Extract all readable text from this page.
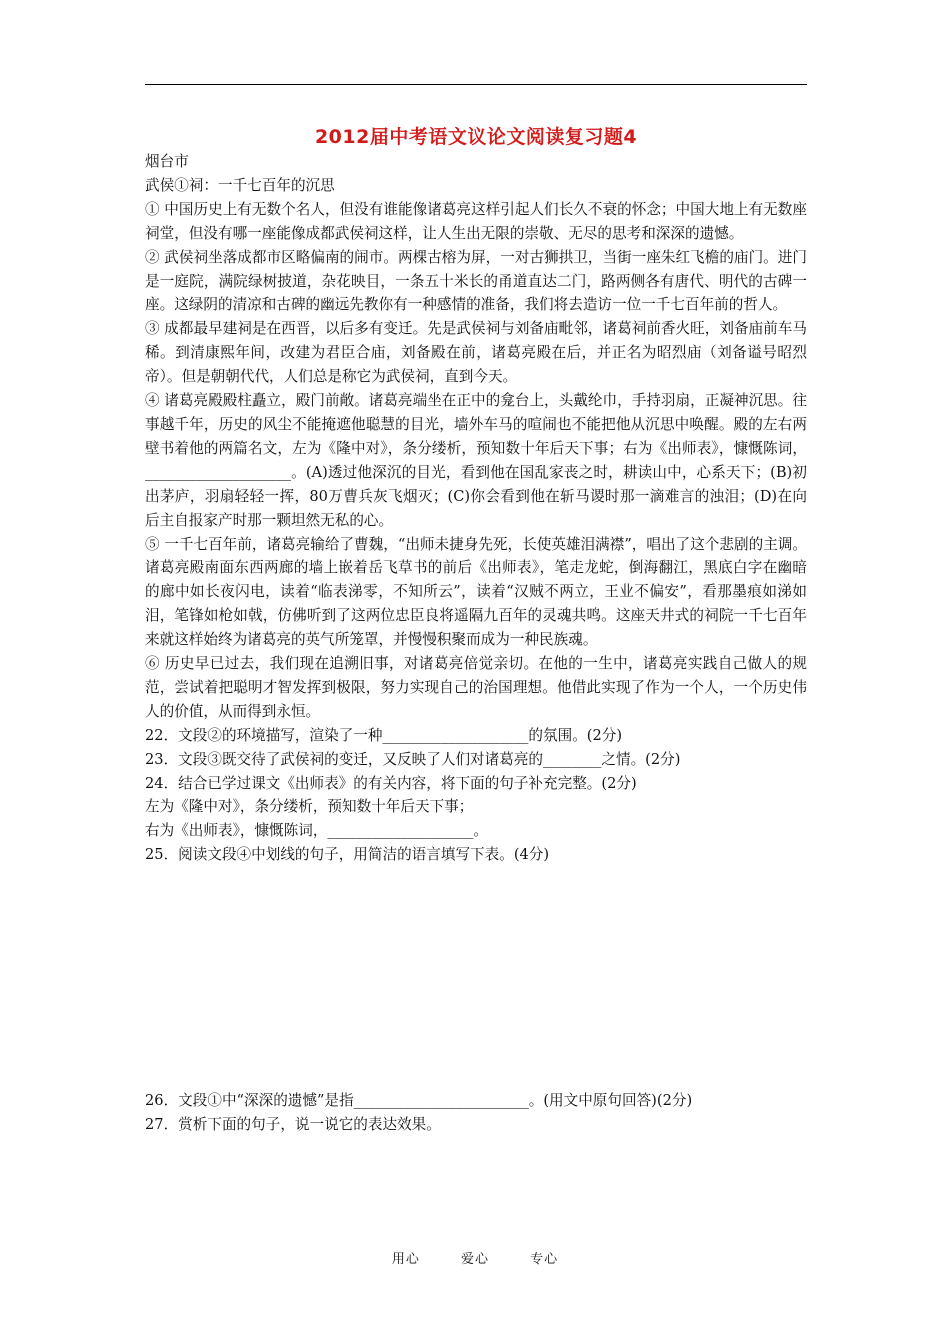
2012届中考语文议论文阅读复习题4

烟台市

武侯①祠：一千七百年的沉思

① 中国历史上有无数个名人，但没有谁能像诸葛亮这样引起人们长久不衰的怀念；中国大地上有无数座祠堂，但没有哪一座能像成都武侯祠这样，让人生出无限的崇敬、无尽的思考和深深的遗憾。

② 武侯祠坐落成都市区略偏南的闹市。两棵古榕为屏，一对古狮拱卫，当街一座朱红飞檐的庙门。进门是一庭院，满院绿树披道，杂花映目，一条五十米长的甬道直达二门，路两侧各有唐代、明代的古碑一座。这绿阴的清凉和古碑的幽远先教你有一种感情的准备，我们将去造访一位一千七百年前的哲人。

③ 成都最早建祠是在西晋，以后多有变迁。先是武侯祠与刘备庙毗邻，诸葛祠前香火旺，刘备庙前车马稀。到清康熙年间，改建为君臣合庙，刘备殿在前，诸葛亮殿在后，并正名为昭烈庙（刘备谥号昭烈帝）。但是朝朝代代，人们总是称它为武侯祠，直到今天。

④ 诸葛亮殿殿柱矗立，殿门前敞。诸葛亮端坐在正中的龛台上，头戴纶巾，手持羽扇，正凝神沉思。往事越千年，历史的风尘不能掩遮他聪慧的目光，墙外车马的喧闹也不能把他从沉思中唤醒。殿的左右两壁书着他的两篇名文，左为《隆中对》，条分缕析，预知数十年后天下事；右为《出师表》，慷慨陈词，____________________。(A)透过他深沉的目光，看到他在国乱家丧之时，耕读山中，心系天下；(B)初出茅庐，羽扇轻轻一挥，80万曹兵灰飞烟灭；(C)你会看到他在斩马谡时那一滴难言的浊泪；(D)在向后主自报家产时那一颗坦然无私的心。

⑤ 一千七百年前，诸葛亮输给了曹魏，“出师未捷身先死，长使英雄泪满襟”，唱出了这个悲剧的主调。诸葛亮殿南面东西两廊的墙上嵌着岳飞草书的前后《出师表》，笔走龙蛇，倒海翻江，黑底白字在幽暗的廊中如长夜闪电，读着“临表涕零，不知所云”，读着“汉贼不两立，王业不偏安”，看那墨痕如涕如泪，笔锋如枪如戟，仿佛听到了这两位忠臣良将遥隔九百年的灵魂共鸣。这座天井式的祠院一千七百年来就这样始终为诸葛亮的英气所笼罩，并慢慢积聚而成为一种民族魂。

⑥ 历史早已过去，我们现在追溯旧事，对诸葛亮倍觉亲切。在他的一生中，诸葛亮实践自己做人的规范，尝试着把聪明才智发挥到极限，努力实现自己的治国理想。他借此实现了作为一个人，一个历史伟人的价值，从而得到永恒。

22．文段②的环境描写，渲染了一种____________________的氛围。(2分)

23．文段③既交待了武侯祠的变迁，又反映了人们对诸葛亮的________之情。(2分)

24．结合已学过课文《出师表》的有关内容，将下面的句子补充完整。(2分)

左为《隆中对》，条分缕析，预知数十年后天下事；

右为《出师表》，慷慨陈词，____________________。

25．阅读文段④中划线的句子，用简洁的语言填写下表。(4分)

26．文段①中“深深的遗憾”是指________________________。(用文中原句回答)(2分)

27．赏析下面的句子，说一说它的表达效果。

用心	爱心	专心
